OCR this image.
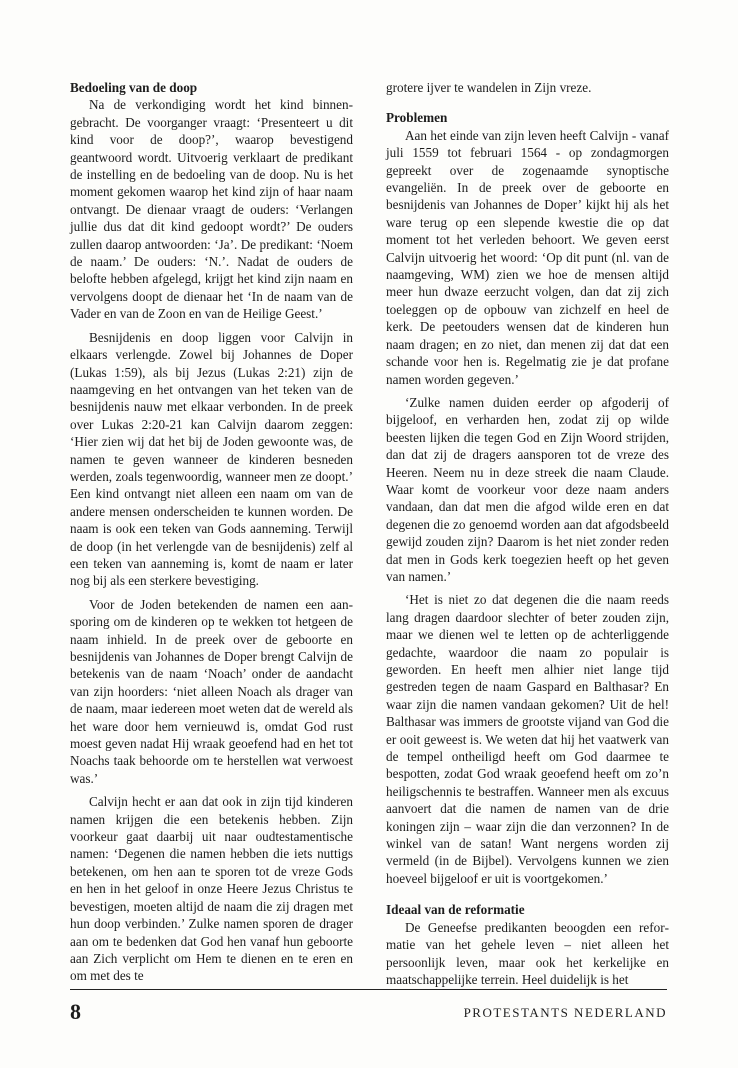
Bedoeling van de doop

Na de verkondiging wordt het kind binnengebracht. De voorganger vraagt: ‘Presenteert u dit kind voor de doop?’, waarop bevestigend geantwoord wordt. Uitvoerig verklaart de predikant de instelling en de bedoeling van de doop. Nu is het moment gekomen waarop het kind zijn of haar naam ontvangt. De dienaar vraagt de ouders: ‘Verlangen jullie dus dat dit kind gedoopt wordt?’ De ouders zullen daarop antwoorden: ‘Ja’. De predikant: ‘Noem de naam.’ De ouders: ‘N.’. Nadat de ouders de belofte hebben afgelegd, krijgt het kind zijn naam en vervolgens doopt de dienaar het ‘In de naam van de Vader en van de Zoon en van de Heilige Geest.’

Besnijdenis en doop liggen voor Calvijn in elkaars verlengde. Zowel bij Johannes de Doper (Lukas 1:59), als bij Jezus (Lukas 2:21) zijn de naamgeving en het ontvangen van het teken van de besnijdenis nauw met elkaar verbonden. In de preek over Lukas 2:20-21 kan Calvijn daarom zeggen: ‘Hier zien wij dat het bij de Joden gewoonte was, de namen te geven wanneer de kinderen besneden werden, zoals tegenwoordig, wanneer men ze doopt.’ Een kind ontvangt niet alleen een naam om van de andere mensen onderscheiden te kunnen worden. De naam is ook een teken van Gods aanneming. Terwijl de doop (in het verlengde van de besnijdenis) zelf al een teken van aanneming is, komt de naam er later nog bij als een sterkere bevestiging.

Voor de Joden betekenden de namen een aansporing om de kinderen op te wekken tot hetgeen de naam inhield. In de preek over de geboorte en besnijdenis van Johannes de Doper brengt Calvijn de betekenis van de naam ‘Noach’ onder de aandacht van zijn hoorders: ‘niet alleen Noach als drager van de naam, maar iedereen moet weten dat de wereld als het ware door hem vernieuwd is, omdat God rust moest geven nadat Hij wraak geoefend had en het tot Noachs taak behoorde om te herstellen wat verwoest was.’

Calvijn hecht er aan dat ook in zijn tijd kinderen namen krijgen die een betekenis hebben. Zijn voorkeur gaat daarbij uit naar oudtestamentische namen: ‘Degenen die namen hebben die iets nuttigs betekenen, om hen aan te sporen tot de vreze Gods en hen in het geloof in onze Heere Jezus Christus te bevestigen, moeten altijd de naam die zij dragen met hun doop verbinden.’ Zulke namen sporen de drager aan om te bedenken dat God hen vanaf hun geboorte aan Zich verplicht om Hem te dienen en te eren en om met des te

grotere ijver te wandelen in Zijn vreze.

Problemen

Aan het einde van zijn leven heeft Calvijn - vanaf juli 1559 tot februari 1564 - op zondagmorgen gepreekt over de zogenaamde synoptische evangeliën. In de preek over de geboorte en besnijdenis van Johannes de Doper’ kijkt hij als het ware terug op een slepende kwestie die op dat moment tot het verleden behoort. We geven eerst Calvijn uitvoerig het woord: ‘Op dit punt (nl. van de naamgeving, WM) zien we hoe de mensen altijd meer hun dwaze eerzucht volgen, dan dat zij zich toeleggen op de opbouw van zichzelf en heel de kerk. De peetouders wensen dat de kinderen hun naam dragen; en zo niet, dan menen zij dat dat een schande voor hen is. Regelmatig zie je dat profane namen worden gegeven.’

‘Zulke namen duiden eerder op afgoderij of bijgeloof, en verharden hen, zodat zij op wilde beesten lijken die tegen God en Zijn Woord strijden, dan dat zij de dragers aansporen tot de vreze des Heeren. Neem nu in deze streek die naam Claude. Waar komt de voorkeur voor deze naam anders vandaan, dan dat men die afgod wilde eren en dat degenen die zo genoemd worden aan dat afgodsbeeld gewijd zouden zijn? Daarom is het niet zonder reden dat men in Gods kerk toegezien heeft op het geven van namen.’

‘Het is niet zo dat degenen die die naam reeds lang dragen daardoor slechter of beter zouden zijn, maar we dienen wel te letten op de achterliggende gedachte, waardoor die naam zo populair is geworden. En heeft men alhier niet lange tijd gestreden tegen de naam Gaspard en Balthasar? En waar zijn die namen vandaan gekomen? Uit de hel! Balthasar was immers de grootste vijand van God die er ooit geweest is. We weten dat hij het vaatwerk van de tempel ontheiligd heeft om God daarmee te bespotten, zodat God wraak geoefend heeft om zo’n heiligschennis te bestraffen. Wanneer men als excuus aanvoert dat die namen de namen van de drie koningen zijn – waar zijn die dan verzonnen? In de winkel van de satan! Want nergens worden zij vermeld (in de Bijbel). Vervolgens kunnen we zien hoeveel bijgeloof er uit is voortgekomen.’

Ideaal van de reformatie

De Geneefse predikanten beoogden een reformatie van het gehele leven – niet alleen het persoonlijk leven, maar ook het kerkelijke en maatschappelijke terrein. Heel duidelijk is het

8	PROTESTANTS NEDERLAND
